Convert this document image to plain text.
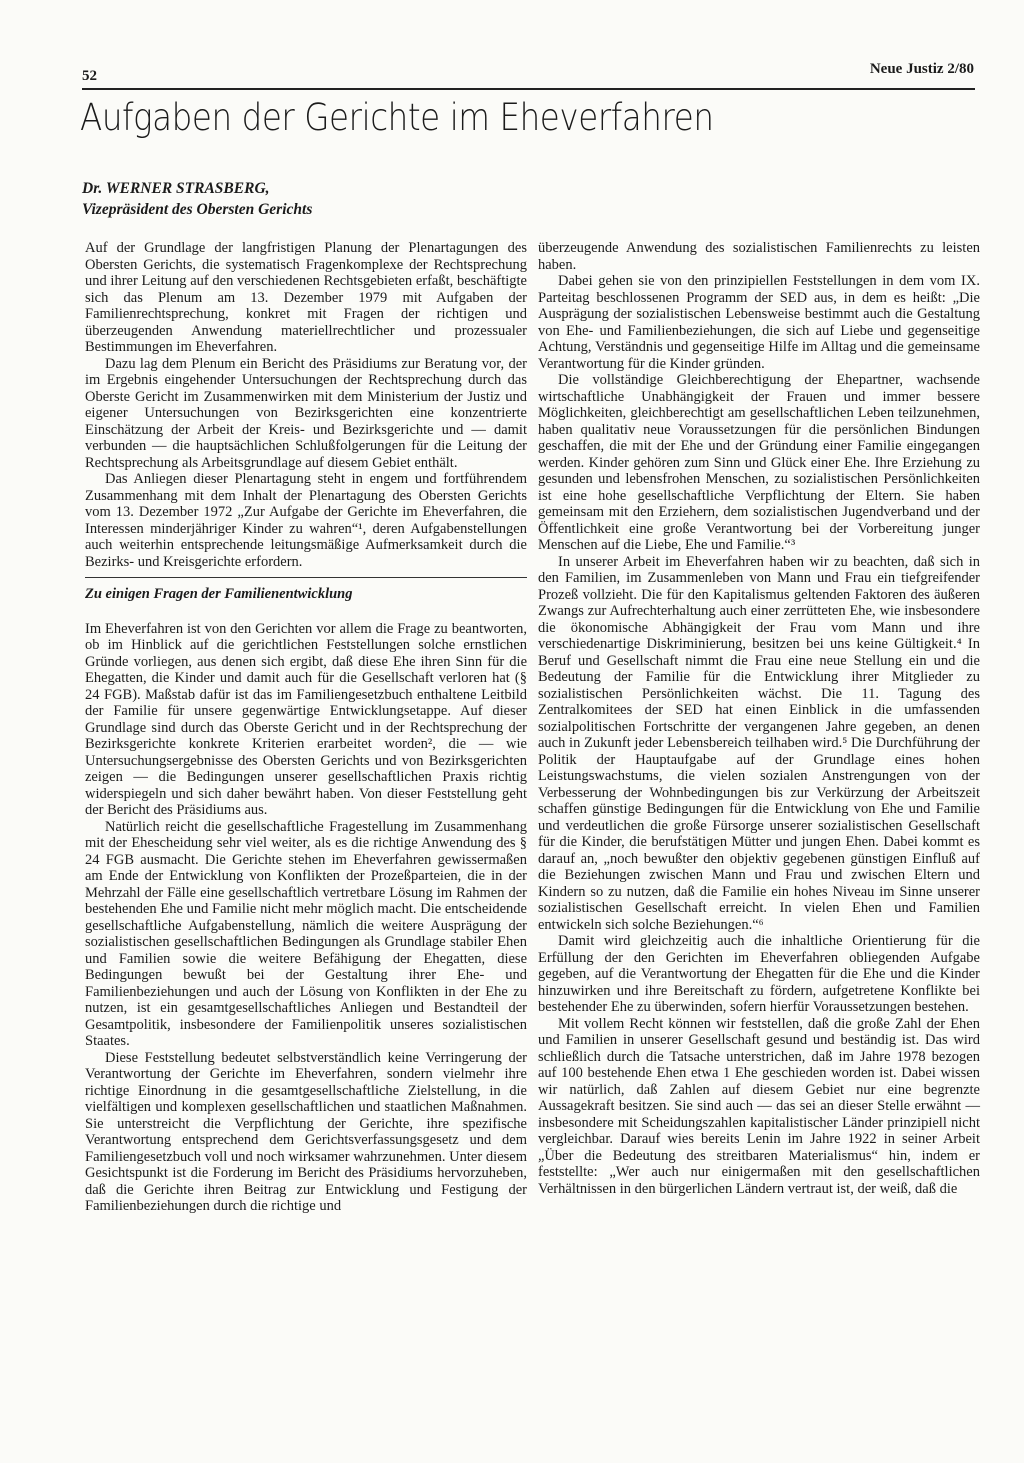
52	Neue Justiz 2/80
Aufgaben der Gerichte im Eheverfahren
Dr. WERNER STRASBERG,
Vizepräsident des Obersten Gerichts

Auf der Grundlage der langfristigen Planung der Plenartagungen des Obersten Gerichts, die systematisch Fragenkomplexe der Rechtsprechung und ihrer Leitung auf den verschiedenen Rechtsgebieten erfaßt, beschäftigte sich das Plenum am 13. Dezember 1979 mit Aufgaben der Familienrechtsprechung, konkret mit Fragen der richtigen und überzeugenden Anwendung materiellrechtlicher und prozessualer Bestimmungen im Eheverfahren.

Dazu lag dem Plenum ein Bericht des Präsidiums zur Beratung vor, der im Ergebnis eingehender Untersuchungen der Rechtsprechung durch das Oberste Gericht im Zusammenwirken mit dem Ministerium der Justiz und eigener Untersuchungen von Bezirksgerichten eine konzentrierte Einschätzung der Arbeit der Kreis- und Bezirksgerichte und — damit verbunden — die hauptsächlichen Schlußfolgerungen für die Leitung der Rechtsprechung als Arbeitsgrundlage auf diesem Gebiet enthält.

Das Anliegen dieser Plenartagung steht in engem und fortführendem Zusammenhang mit dem Inhalt der Plenartagung des Obersten Gerichts vom 13. Dezember 1972 „Zur Aufgabe der Gerichte im Eheverfahren, die Interessen minderjähriger Kinder zu wahren“¹, deren Aufgabenstellungen auch weiterhin entsprechende leitungsmäßige Aufmerksamkeit durch die Bezirks- und Kreisgerichte erfordern.

Zu einigen Fragen der Familienentwicklung

Im Eheverfahren ist von den Gerichten vor allem die Frage zu beantworten, ob im Hinblick auf die gerichtlichen Feststellungen solche ernstlichen Gründe vorliegen, aus denen sich ergibt, daß diese Ehe ihren Sinn für die Ehegatten, die Kinder und damit auch für die Gesellschaft verloren hat (§ 24 FGB). Maßstab dafür ist das im Familiengesetzbuch enthaltene Leitbild der Familie für unsere gegenwärtige Entwicklungsetappe. Auf dieser Grundlage sind durch das Oberste Gericht und in der Rechtsprechung der Bezirksgerichte konkrete Kriterien erarbeitet worden², die — wie Untersuchungsergebnisse des Obersten Gerichts und von Bezirksgerichten zeigen — die Bedingungen unserer gesellschaftlichen Praxis richtig widerspiegeln und sich daher bewährt haben. Von dieser Feststellung geht der Bericht des Präsidiums aus.

Natürlich reicht die gesellschaftliche Fragestellung im Zusammenhang mit der Ehescheidung sehr viel weiter, als es die richtige Anwendung des § 24 FGB ausmacht. Die Gerichte stehen im Eheverfahren gewissermaßen am Ende der Entwicklung von Konflikten der Prozeßparteien, die in der Mehrzahl der Fälle eine gesellschaftlich vertretbare Lösung im Rahmen der bestehenden Ehe und Familie nicht mehr möglich macht. Die entscheidende gesellschaftliche Aufgabenstellung, nämlich die weitere Ausprägung der sozialistischen gesellschaftlichen Bedingungen als Grundlage stabiler Ehen und Familien sowie die weitere Befähigung der Ehegatten, diese Bedingungen bewußt bei der Gestaltung ihrer Ehe- und Familienbeziehungen und auch der Lösung von Konflikten in der Ehe zu nutzen, ist ein gesamtgesellschaftliches Anliegen und Bestandteil der Gesamtpolitik, insbesondere der Familienpolitik unseres sozialistischen Staates.

Diese Feststellung bedeutet selbstverständlich keine Verringerung der Verantwortung der Gerichte im Eheverfahren, sondern vielmehr ihre richtige Einordnung in die gesamtgesellschaftliche Zielstellung, in die vielfältigen und komplexen gesellschaftlichen und staatlichen Maßnahmen. Sie unterstreicht die Verpflichtung der Gerichte, ihre spezifische Verantwortung entsprechend dem Gerichtsverfassungsgesetz und dem Familiengesetzbuch voll und noch wirksamer wahrzunehmen. Unter diesem Gesichtspunkt ist die Forderung im Bericht des Präsidiums hervorzuheben, daß die Gerichte ihren Beitrag zur Entwicklung und Festigung der Familienbeziehungen durch die richtige und

überzeugende Anwendung des sozialistischen Familienrechts zu leisten haben.

Dabei gehen sie von den prinzipiellen Feststellungen in dem vom IX. Parteitag beschlossenen Programm der SED aus, in dem es heißt: „Die Ausprägung der sozialistischen Lebensweise bestimmt auch die Gestaltung von Ehe- und Familienbeziehungen, die sich auf Liebe und gegenseitige Achtung, Verständnis und gegenseitige Hilfe im Alltag und die gemeinsame Verantwortung für die Kinder gründen.

Die vollständige Gleichberechtigung der Ehepartner, wachsende wirtschaftliche Unabhängigkeit der Frauen und immer bessere Möglichkeiten, gleichberechtigt am gesellschaftlichen Leben teilzunehmen, haben qualitativ neue Voraussetzungen für die persönlichen Bindungen geschaffen, die mit der Ehe und der Gründung einer Familie eingegangen werden. Kinder gehören zum Sinn und Glück einer Ehe. Ihre Erziehung zu gesunden und lebensfrohen Menschen, zu sozialistischen Persönlichkeiten ist eine hohe gesellschaftliche Verpflichtung der Eltern. Sie haben gemeinsam mit den Erziehern, dem sozialistischen Jugendverband und der Öffentlichkeit eine große Verantwortung bei der Vorbereitung junger Menschen auf die Liebe, Ehe und Familie.“³

In unserer Arbeit im Eheverfahren haben wir zu beachten, daß sich in den Familien, im Zusammenleben von Mann und Frau ein tiefgreifender Prozeß vollzieht. Die für den Kapitalismus geltenden Faktoren des äußeren Zwangs zur Aufrechterhaltung auch einer zerrütteten Ehe, wie insbesondere die ökonomische Abhängigkeit der Frau vom Mann und ihre verschiedenartige Diskriminierung, besitzen bei uns keine Gültigkeit.⁴ In Beruf und Gesellschaft nimmt die Frau eine neue Stellung ein und die Bedeutung der Familie für die Entwicklung ihrer Mitglieder zu sozialistischen Persönlichkeiten wächst. Die 11. Tagung des Zentralkomitees der SED hat einen Einblick in die umfassenden sozialpolitischen Fortschritte der vergangenen Jahre gegeben, an denen auch in Zukunft jeder Lebensbereich teilhaben wird.⁵ Die Durchführung der Politik der Hauptaufgabe auf der Grundlage eines hohen Leistungswachstums, die vielen sozialen Anstrengungen von der Verbesserung der Wohnbedingungen bis zur Verkürzung der Arbeitszeit schaffen günstige Bedingungen für die Entwicklung von Ehe und Familie und verdeutlichen die große Fürsorge unserer sozialistischen Gesellschaft für die Kinder, die berufstätigen Mütter und jungen Ehen. Dabei kommt es darauf an, „noch bewußter den objektiv gegebenen günstigen Einfluß auf die Beziehungen zwischen Mann und Frau und zwischen Eltern und Kindern so zu nutzen, daß die Familie ein hohes Niveau im Sinne unserer sozialistischen Gesellschaft erreicht. In vielen Ehen und Familien entwickeln sich solche Beziehungen.“⁶

Damit wird gleichzeitig auch die inhaltliche Orientierung für die Erfüllung der den Gerichten im Eheverfahren obliegenden Aufgabe gegeben, auf die Verantwortung der Ehegatten für die Ehe und die Kinder hinzuwirken und ihre Bereitschaft zu fördern, aufgetretene Konflikte bei bestehender Ehe zu überwinden, sofern hierfür Voraussetzungen bestehen.

Mit vollem Recht können wir feststellen, daß die große Zahl der Ehen und Familien in unserer Gesellschaft gesund und beständig ist. Das wird schließlich durch die Tatsache unterstrichen, daß im Jahre 1978 bezogen auf 100 bestehende Ehen etwa 1 Ehe geschieden worden ist. Dabei wissen wir natürlich, daß Zahlen auf diesem Gebiet nur eine begrenzte Aussagekraft besitzen. Sie sind auch — das sei an dieser Stelle erwähnt — insbesondere mit Scheidungszahlen kapitalistischer Länder prinzipiell nicht vergleichbar. Darauf wies bereits Lenin im Jahre 1922 in seiner Arbeit „Über die Bedeutung des streitbaren Materialismus“ hin, indem er feststellte: „Wer auch nur einigermaßen mit den gesellschaftlichen Verhältnissen in den bürgerlichen Ländern vertraut ist, der weiß, daß die
